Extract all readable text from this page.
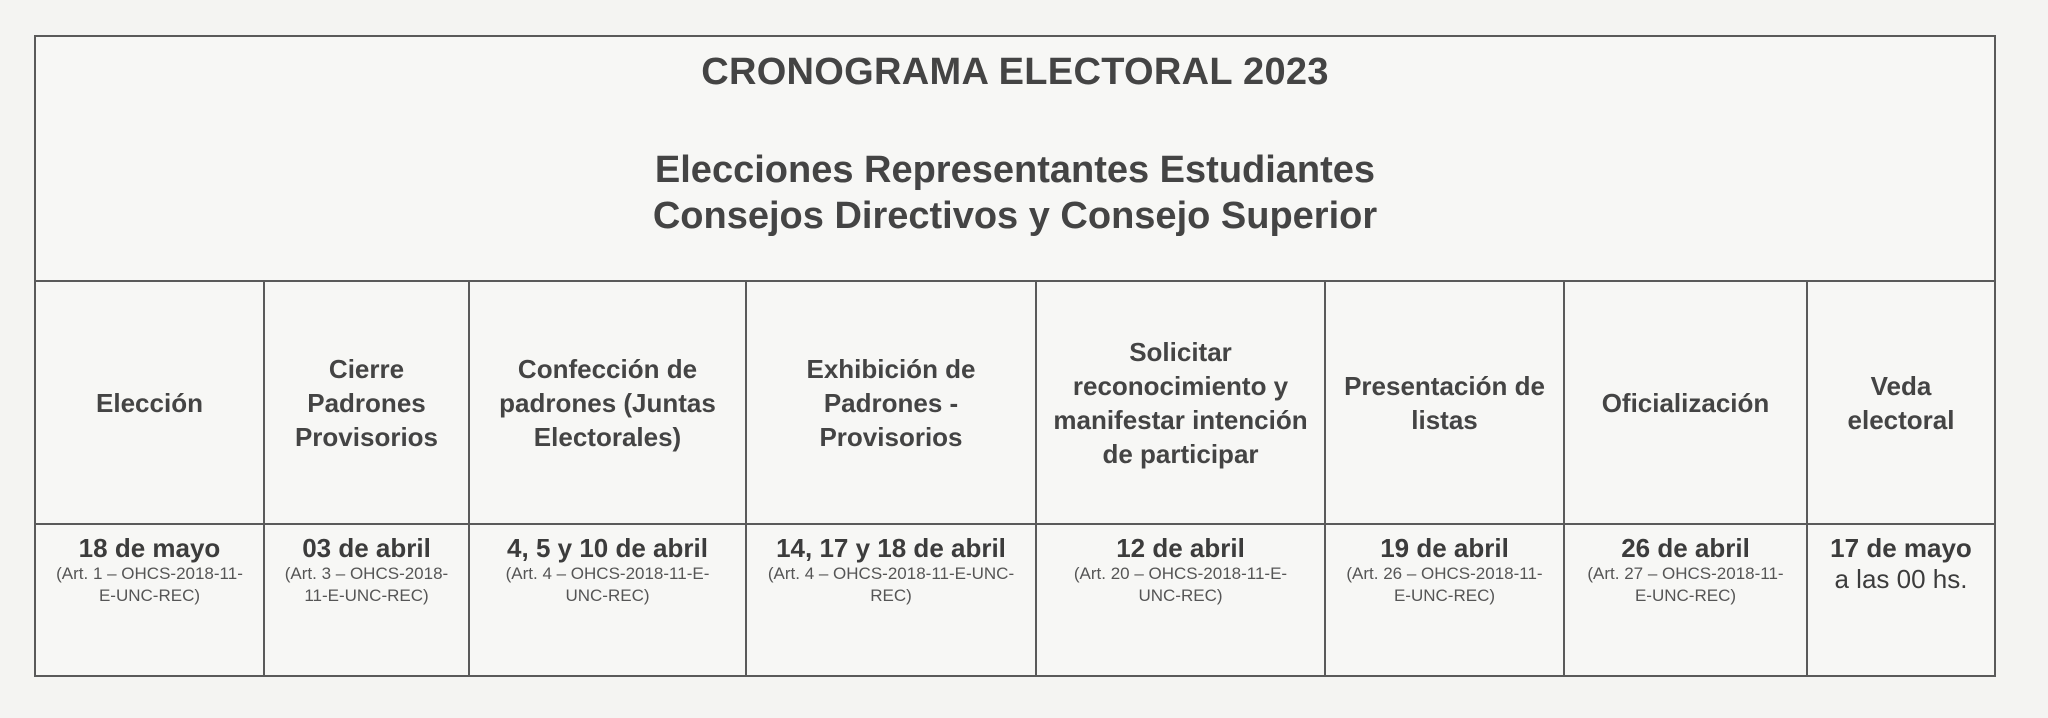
CRONOGRAMA ELECTORAL 2023
Elecciones Representantes Estudiantes
Consejos Directivos y Consejo Superior
Elección
18 de mayo
(Art. 1 – OHCS-2018-11-E-UNC-REC)
Cierre Padrones Provisorios
03 de abril
(Art. 3 – OHCS-2018-11-E-UNC-REC)
Confección de padrones (Juntas Electorales)
4, 5 y 10 de abril
(Art. 4 – OHCS-2018-11-E-UNC-REC)
Exhibición de Padrones - Provisorios
14, 17 y 18 de abril
(Art. 4 – OHCS-2018-11-E-UNC-REC)
Solicitar reconocimiento y manifestar intención de participar
12 de abril
(Art. 20 – OHCS-2018-11-E-UNC-REC)
Presentación de listas
19 de abril
(Art. 26 – OHCS-2018-11-E-UNC-REC)
Oficialización
26 de abril
(Art. 27 – OHCS-2018-11-E-UNC-REC)
Veda electoral
17 de mayo
a las 00 hs.
